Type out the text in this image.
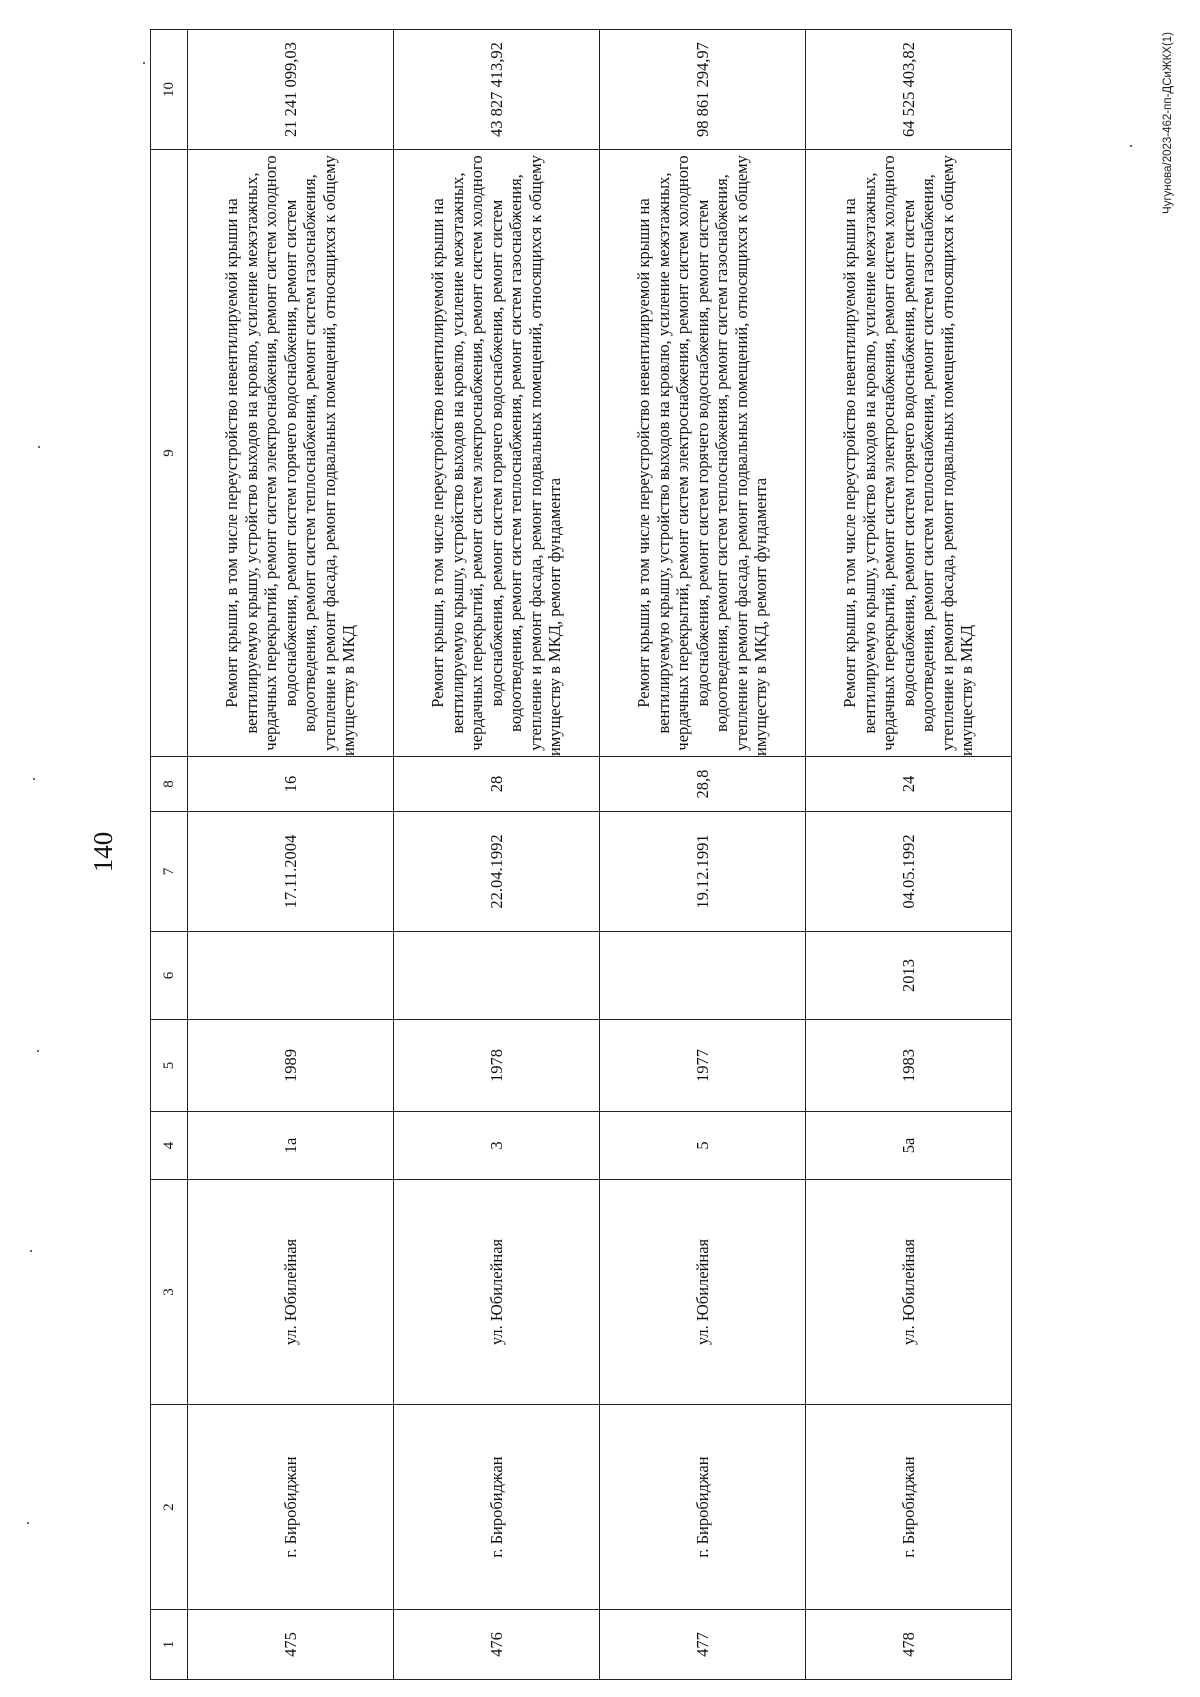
140
1	2	3	4	5	6	7	8	9	10
475	г. Биробиджан	ул. Юбилейная	1а	1989		17.11.2004	16	Ремонт крыши, в том числе переустройство невентилируемой крыши на вентилируемую крышу, устройство выходов на кровлю, усиление межэтажных, чердачных перекрытий, ремонт систем электроснабжения, ремонт систем холодного водоснабжения, ремонт систем горячего водоснабжения, ремонт систем водоотведения, ремонт систем теплоснабжения, ремонт систем газоснабжения, утепление и ремонт фасада, ремонт подвальных помещений, относящихся к общему имуществу в МКД	21 241 099,03
476	г. Биробиджан	ул. Юбилейная	3	1978		22.04.1992	28	Ремонт крыши, в том числе переустройство невентилируемой крыши на вентилируемую крышу, устройство выходов на кровлю, усиление межэтажных, чердачных перекрытий, ремонт систем электроснабжения, ремонт систем холодного водоснабжения, ремонт систем горячего водоснабжения, ремонт систем водоотведения, ремонт систем теплоснабжения, ремонт систем газоснабжения, утепление и ремонт фасада, ремонт подвальных помещений, относящихся к общему имуществу в МКД, ремонт фундамента	43 827 413,92
477	г. Биробиджан	ул. Юбилейная	5	1977		19.12.1991	28,8	Ремонт крыши, в том числе переустройство невентилируемой крыши на вентилируемую крышу, устройство выходов на кровлю, усиление межэтажных, чердачных перекрытий, ремонт систем электроснабжения, ремонт систем холодного водоснабжения, ремонт систем горячего водоснабжения, ремонт систем водоотведения, ремонт систем теплоснабжения, ремонт систем газоснабжения, утепление и ремонт фасада, ремонт подвальных помещений, относящихся к общему имуществу в МКД, ремонт фундамента	98 861 294,97
478	г. Биробиджан	ул. Юбилейная	5а	1983	2013	04.05.1992	24	Ремонт крыши, в том числе переустройство невентилируемой крыши на вентилируемую крышу, устройство выходов на кровлю, усиление межэтажных, чердачных перекрытий, ремонт систем электроснабжения, ремонт систем холодного водоснабжения, ремонт систем горячего водоснабжения, ремонт систем водоотведения, ремонт систем теплоснабжения, ремонт систем газоснабжения, утепление и ремонт фасада, ремонт подвальных помещений, относящихся к общему имуществу в МКД	64 525 403,82	Чугунова/2023-462-пп-ДСиЖКХ(1)
